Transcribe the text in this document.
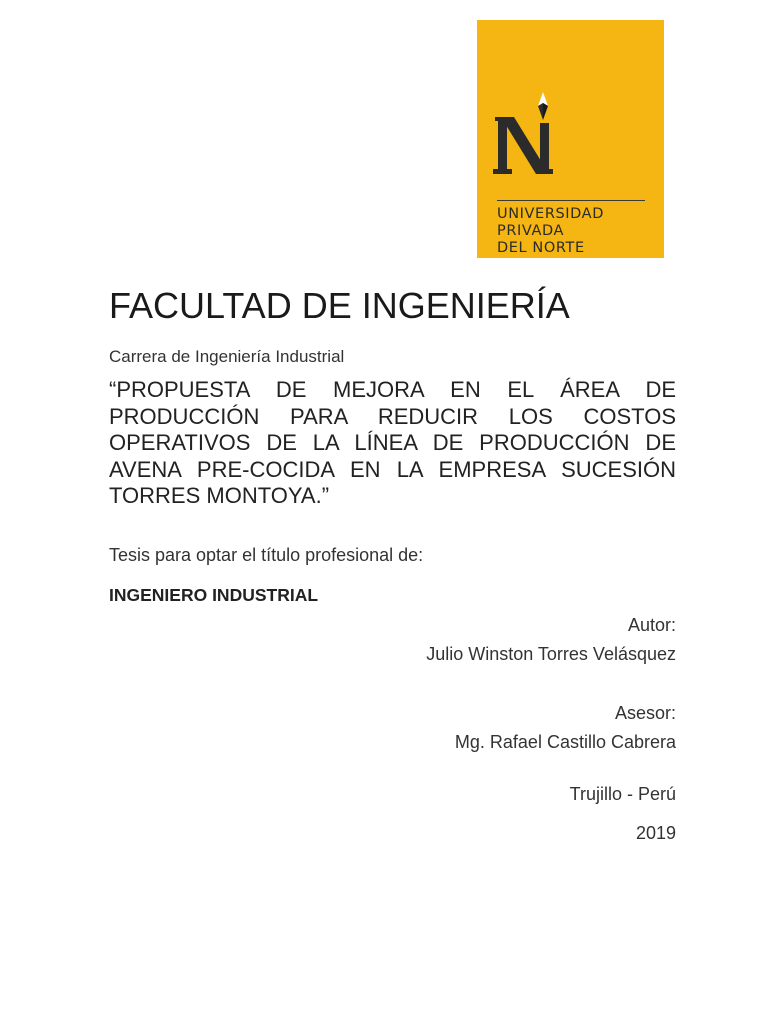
UNIVERSIDAD
PRIVADA
DEL NORTE
FACULTAD DE INGENIERÍA
Carrera de Ingeniería Industrial
“PROPUESTA DE MEJORA EN EL ÁREA DE PRODUCCIÓN PARA REDUCIR LOS COSTOS OPERATIVOS DE LA LÍNEA DE PRODUCCIÓN DE AVENA PRE-COCIDA EN LA EMPRESA SUCESIÓN TORRES MONTOYA.”
Tesis para optar el título profesional de:
INGENIERO INDUSTRIAL
Autor:
Julio Winston Torres Velásquez
Asesor:
Mg. Rafael Castillo Cabrera
Trujillo - Perú
2019
